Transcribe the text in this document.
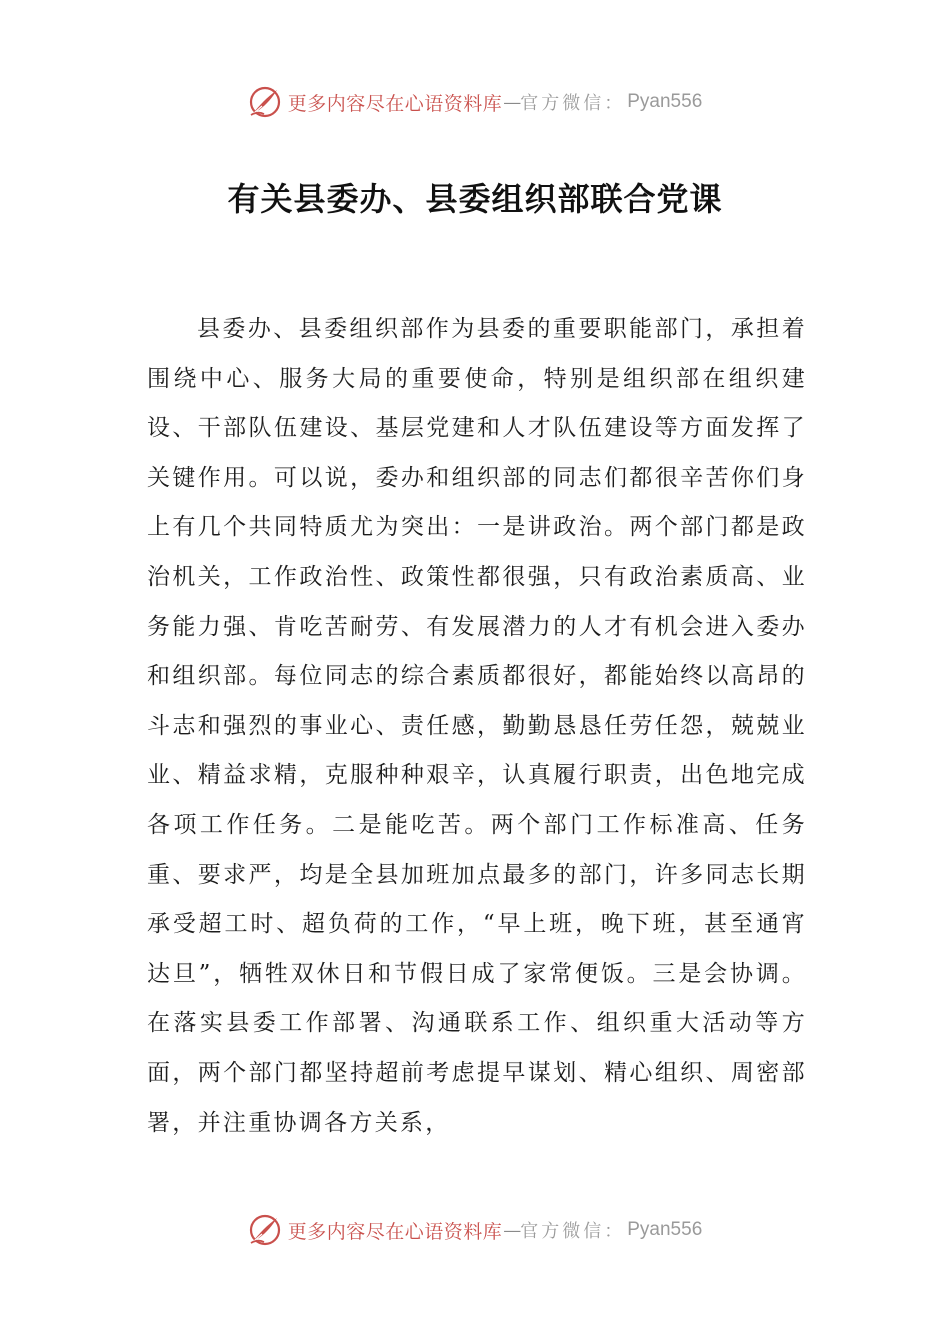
更多内容尽在心语资料库 — 官方微信： Pyan556
有关县委办、县委组织部联合党课

县委办、县委组织部作为县委的重要职能部门，承担着围绕中心、服务大局的重要使命，特别是组织部在组织建设、干部队伍建设、基层党建和人才队伍建设等方面发挥了关键作用。可以说，委办和组织部的同志们都很辛苦你们身上有几个共同特质尤为突出：一是讲政治。两个部门都是政治机关，工作政治性、政策性都很强，只有政治素质高、业务能力强、肯吃苦耐劳、有发展潜力的人才有机会进入委办和组织部。每位同志的综合素质都很好，都能始终以高昂的斗志和强烈的事业心、责任感，勤勤恳恳任劳任怨，兢兢业业、精益求精，克服种种艰辛，认真履行职责，出色地完成各项工作任务。二是能吃苦。两个部门工作标准高、任务重、要求严，均是全县加班加点最多的部门，许多同志长期承受超工时、超负荷的工作，“早上班，晚下班，甚至通宵达旦”，牺牲双休日和节假日成了家常便饭。三是会协调。在落实县委工作部署、沟通联系工作、组织重大活动等方面，两个部门都坚持超前考虑提早谋划、精心组织、周密部署，并注重协调各方关系，

更多内容尽在心语资料库 — 官方微信： Pyan556
